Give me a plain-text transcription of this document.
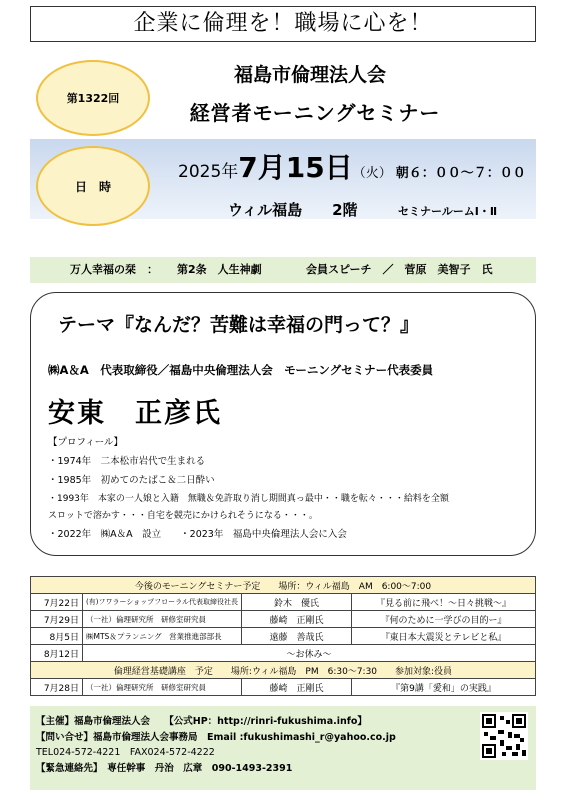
企業に倫理を！職場に心を！
第1322回
福島市倫理法人会
経営者モーニングセミナー
日　時
2025年7月15日（火） 朝６：００～７：００
ウィル福島　　2階	セミナールームⅠ・Ⅱ
万人幸福の栞　： 第2条　人生神劇	会員スピーチ　／　菅原　美智子　氏
テーマ『なんだ？苦難は幸福の門って？』
㈱A＆A　代表取締役／福島中央倫理法人会　モーニングセミナー代表委員
安東　正彦氏
【プロフィール】
・1974年　二本松市岩代で生まれる
・1985年　初めてのたばこ＆二日酔い
・1993年　本家の一人娘と入籍　無職＆免許取り消し期間真っ最中・・職を転々・・・給料を全額
スロットで溶かす・・・自宅を競売にかけられそうになる・・・。
・2022年　㈱A＆A　設立　　・2023年　福島中央倫理法人会に入会
今後のモーニングセミナー予定　　場所：ウィル福島　AM　6:00～7:00			
7月22日	(有)フワラーショップフローラル代表取締役社長	鈴木　優氏	『見る前に飛べ！～日々挑戦～』
7月29日	（一社）倫理研究所　研修室研究員	藤崎　正剛氏	『何のために一学びの目的ー』
8月5日	㈱MTS＆プランニング　営業推進部部長	遠藤　善哉氏	『東日本大震災とテレビと私』
8月12日	～お休み～		
倫理経営基礎講座　予定　　場所:ウィル福島　PM　6:30～7:30　　参加対象:役員			
7月28日	（一社）倫理研究所　研修室研究員	藤崎　正剛氏	『第9講「愛和」の実践』
【主催】福島市倫理法人会　　【公式HP：http://rinri-fukushima.info】
【問い合せ】福島市倫理法人会事務局　Email :fukushimashi_r@yahoo.co.jp
TEL024-572-4221　FAX024-572-4222
【緊急連絡先】　専任幹事　丹治　広章　090-1493-2391
